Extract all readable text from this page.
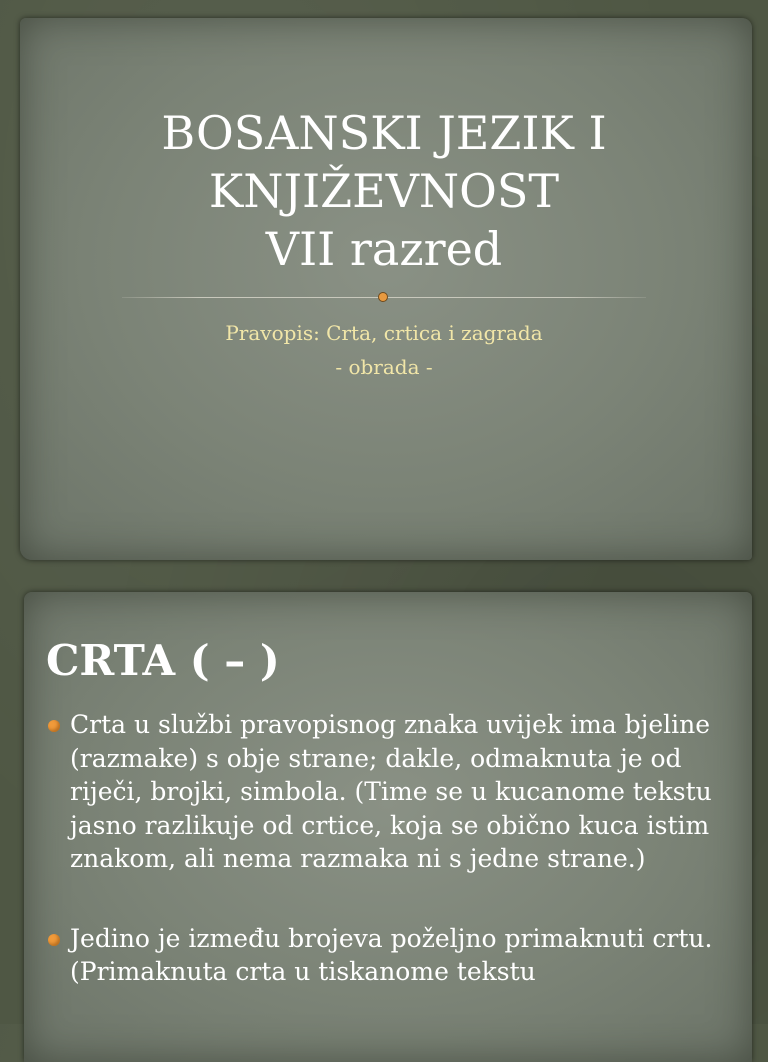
BOSANSKI JEZIK I
KNJIŽEVNOST
VII razred
Pravopis: Crta, crtica i zagrada
- obrada -
CRTA ( – )
Crta u službi pravopisnog znaka uvijek ima bjeline (razmake) s obje strane; dakle, odmaknuta je od riječi, brojki, simbola. (Time se u kucanome tekstu jasno razlikuje od crtice, koja se obično kuca istim znakom, ali nema razmaka ni s jedne strane.)
Jedino je između brojeva poželjno primaknuti crtu. (Primaknuta crta u tiskanome tekstu
